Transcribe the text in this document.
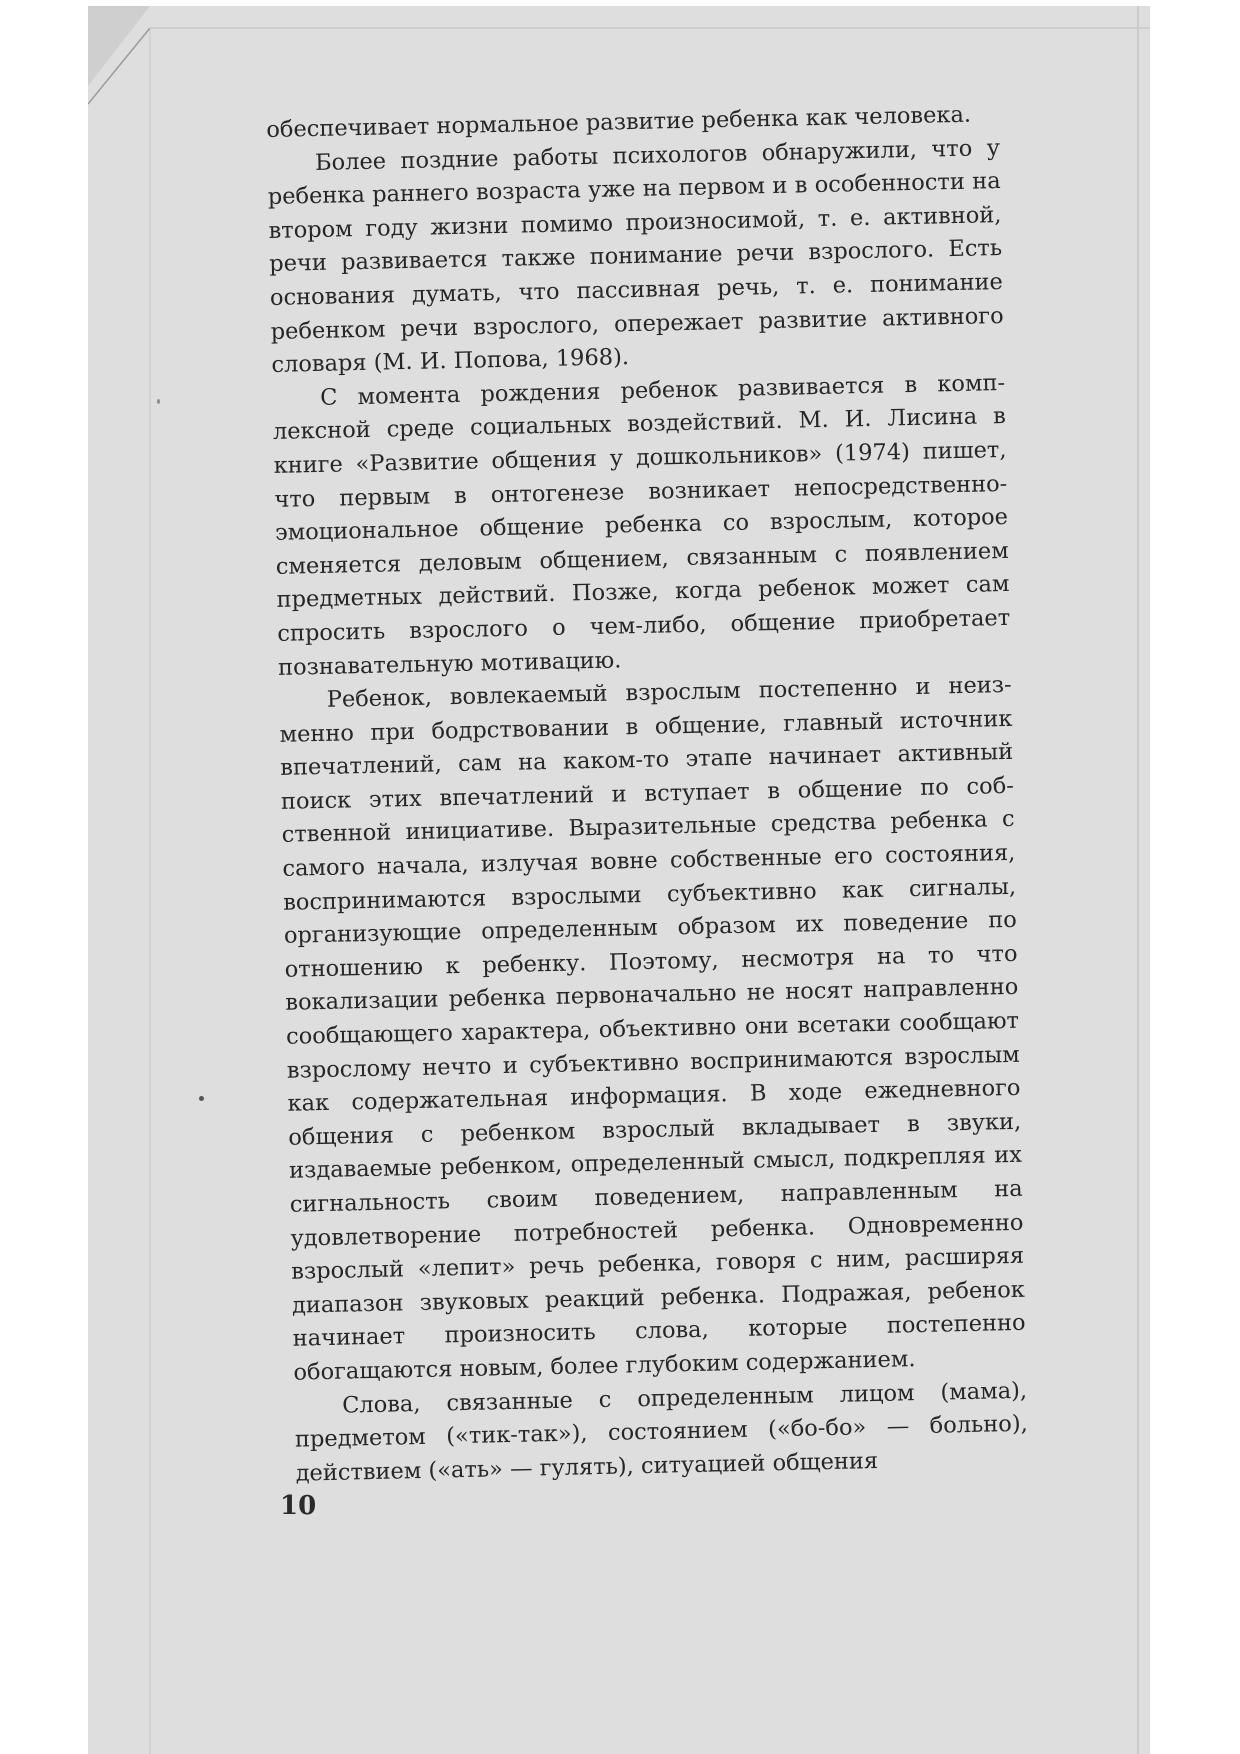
обеспечивает нормальное развитие ребенка как человека.

Более поздние работы психологов обнаружили, что у ребенка раннего возраста уже на первом и в особенности на втором году жизни помимо произносимой, т. е. активной, речи развивается также понимание речи взрослого. Есть основания думать, что пассивная речь, т. е. понимание ребенком речи взрослого, опережает развитие активного словаря (М. И. Попова, 1968).

С момента рождения ребенок развивается в комплексной среде социальных воздействий. М. И. Лисина в книге «Развитие общения у дошкольников» (1974) пишет, что первым в онтогенезе возникает непосредственно-эмоциональное общение ребенка со взрослым, которое сменяется деловым общением, связанным с появлением предметных действий. Позже, когда ребенок может сам спросить взрослого о чем-либо, общение приобретает познавательную мотивацию.

Ребенок, вовлекаемый взрослым постепенно и неизменно при бодрствовании в общение, главный источник впечатлений, сам на каком-то этапе начинает активный поиск этих впечатлений и вступает в общение по собственной инициативе. Выразительные средства ребенка с самого начала, излучая вовне собственные его состояния, воспринимаются взрослыми субъективно как сигналы, организующие определенным образом их поведение по отношению к ребенку. Поэтому, несмотря на то что вокализации ребенка первоначально не носят направленно сообщающего характера, объективно они всетаки сообщают взрослому нечто и субъективно воспринимаются взрослым как содержательная информация. В ходе ежедневного общения с ребенком взрослый вкладывает в звуки, издаваемые ребенком, определенный смысл, подкрепляя их сигнальность своим поведением, направленным на удовлетворение потребностей ребенка. Одновременно взрослый «лепит» речь ребенка, говоря с ним, расширяя диапазон звуковых реакций ребенка. Подражая, ребенок начинает произносить слова, которые постепенно обогащаются новым, более глубоким содержанием.

Слова, связанные с определенным лицом (мама), предметом («тик-так»), состоянием («бо-бо» — больно), действием («ать» — гулять), ситуацией общения

10
